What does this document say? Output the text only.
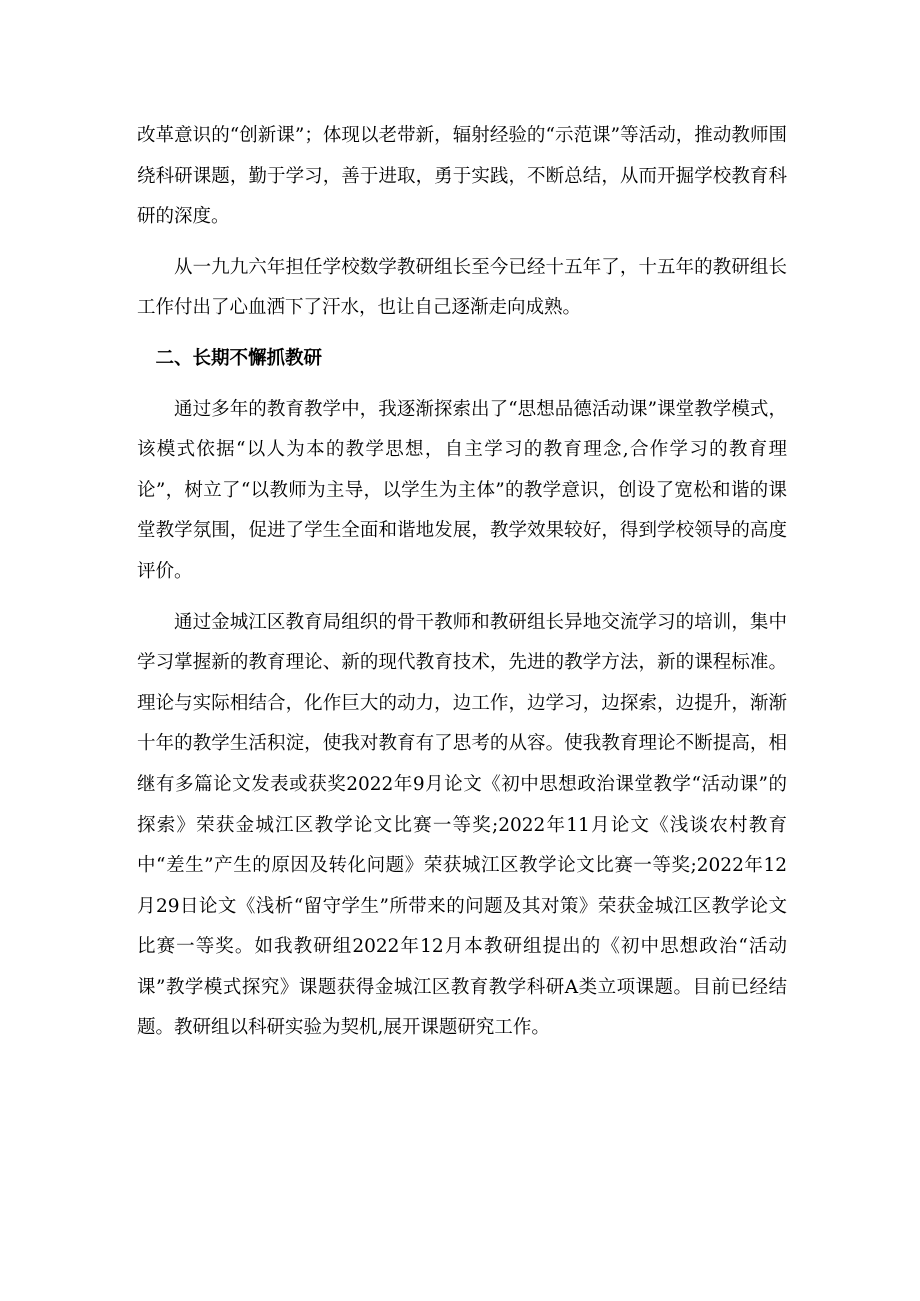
改革意识的“创新课”；体现以老带新，辐射经验的“示范课”等活动，推动教师围绕科研课题，勤于学习，善于进取，勇于实践，不断总结，从而开掘学校教育科研的深度。

从一九九六年担任学校数学教研组长至今已经十五年了，十五年的教研组长工作付出了心血洒下了汗水，也让自己逐渐走向成熟。

二、长期不懈抓教研

通过多年的教育教学中，我逐渐探索出了“思想品德活动课”课堂教学模式，该模式依据“以人为本的教学思想，自主学习的教育理念,合作学习的教育理论”，树立了“以教师为主导，以学生为主体”的教学意识，创设了宽松和谐的课堂教学氛围，促进了学生全面和谐地发展，教学效果较好，得到学校领导的高度评价。

通过金城江区教育局组织的骨干教师和教研组长异地交流学习的培训，集中学习掌握新的教育理论、新的现代教育技术，先进的教学方法，新的课程标准。理论与实际相结合，化作巨大的动力，边工作，边学习，边探索，边提升，渐渐十年的教学生活积淀，使我对教育有了思考的从容。使我教育理论不断提高，相继有多篇论文发表或获奖2022年9月论文《初中思想政治课堂教学“活动课”的探索》荣获金城江区教学论文比赛一等奖;2022年11月论文《浅谈农村教育中“差生”产生的原因及转化问题》荣获城江区教学论文比赛一等奖;2022年12月29日论文《浅析“留守学生”所带来的问题及其对策》荣获金城江区教学论文比赛一等奖。如我教研组2022年12月本教研组提出的《初中思想政治“活动课”教学模式探究》课题获得金城江区教育教学科研A类立项课题。目前已经结题。教研组以科研实验为契机,展开课题研究工作。
